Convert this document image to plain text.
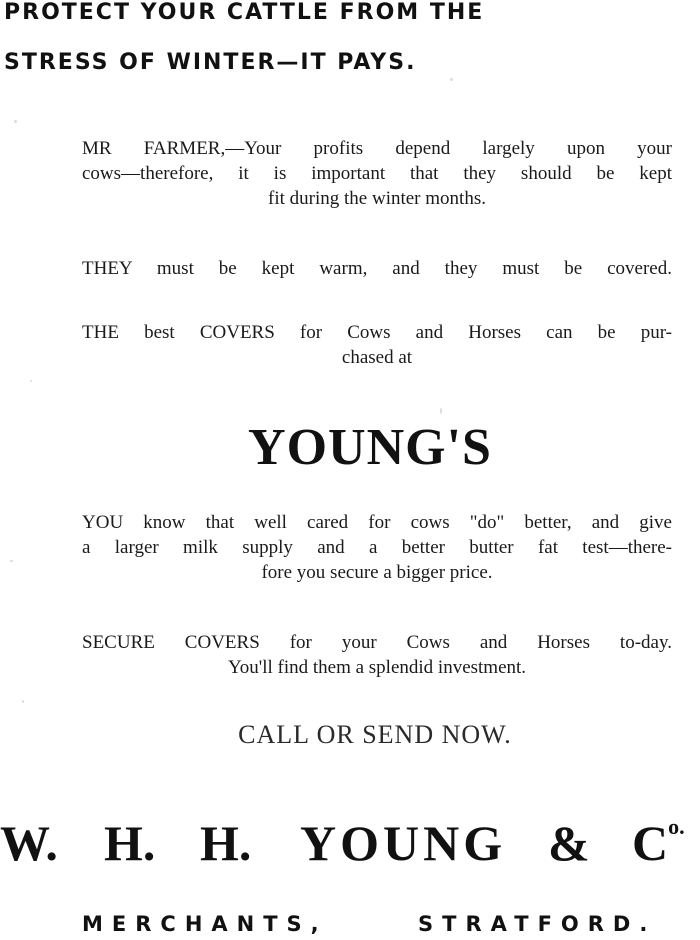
PROTECT YOUR CATTLE FROM THE
STRESS OF WINTER—IT PAYS.

MR FARMER,—Your profits depend largely upon your

cows—therefore, it is important that they should be kept

fit during the winter months.

THEY must be kept warm, and they must be covered.

THE best COVERS for Cows and Horses can be pur-

chased at

YOUNG'S

YOU know that well cared for cows "do" better, and give

a larger milk supply and a better butter fat test—there-

fore you secure a bigger price.

SECURE COVERS for your Cows and Horses to-day.

You'll find them a splendid investment.

CALL OR SEND NOW.
W. H. H. YOUNG & $C^{o.}$
MERCHANTS,	STRATFORD.
